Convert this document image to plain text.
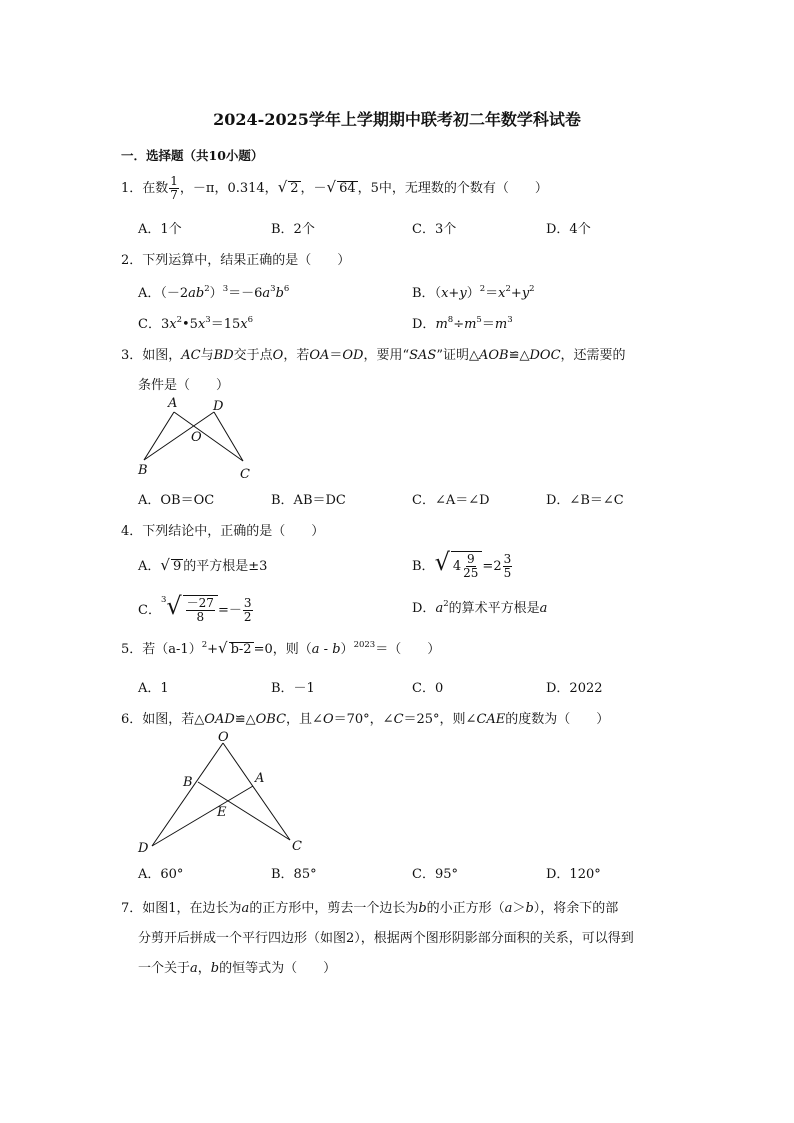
2024-2025学年上学期期中联考初二年数学科试卷
一．选择题（共10小题）
1．在数 $\frac{1}{7}$ ，－π，0.314，√ 2 ，－√ 64 ，5中，无理数的个数有（　　）
A．1个	B．2个	C．3个	D．4个
2．下列运算中，结果正确的是（　　）
A．$(-2ab^2)^3=-6a^3b^6$	B．$(x+y)^2=x^2+y^2$
C．$3x^2•5x^3=15x^6$	D．$m^8\div m^5=m^3$
3．如图，AC与BD交于点O，若OA＝OD，要用“SAS”证明△AOB≌△DOC，还需要的
条件是（　　）
A	D
O
B	C
A．OB＝OC	B．AB＝DC	C．∠A＝∠D	D．∠B＝∠C
4．下列结论中，正确的是（　　）
A．√ 9 的平方根是±3	B．√ $4 \frac{9}{25} =2 \frac{3}{5}$
C．$^3√ \frac{-27}{8} =- \frac{3}{2}$	D．$a^2$的算术平方根是a
5．若$(a-1)^2+√$ b-2 =0，则（a - b）$^{2023}$＝（　　）
A．1	B．－1	C．0	D．2022
6．如图，若△OAD≌△OBC，且∠O＝70°，∠C＝25°，则∠CAE的度数为（　　）
O
B	A
E
D	C
A．60°	B．85°	C．95°	D．120°
7．如图1，在边长为a的正方形中，剪去一个边长为b的小正方形（a＞b），将余下的部
分剪开后拼成一个平行四边形（如图2），根据两个图形阴影部分面积的关系，可以得到
一个关于a，b的恒等式为（　　）
